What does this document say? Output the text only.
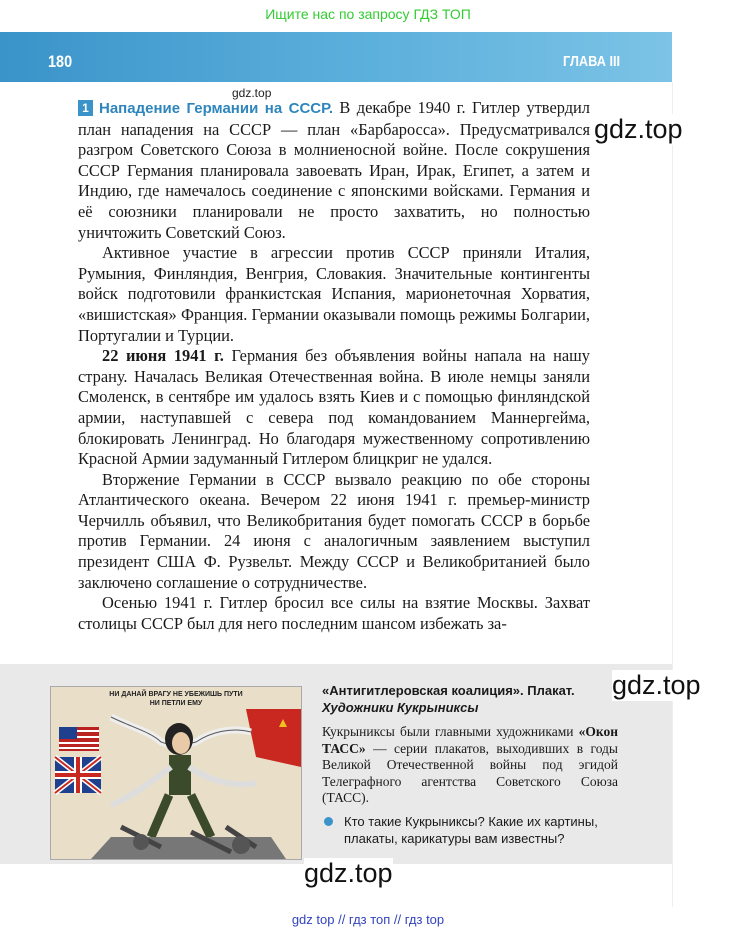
Ищите нас по запросу ГДЗ ТОП
180	ГЛАВА III
gdz.top

1 Нападение Германии на СССР. В декабре 1940 г. Гитлер утвердил план нападения на СССР — план «Барбаросса». Предусматривался разгром Советского Союза в молниеносной войне. После сокрушения СССР Германия планировала завоевать Иран, Ирак, Египет, а затем и Индию, где намечалось соединение с японскими войсками. Германия и её союзники планировали не просто захватить, но полностью уничтожить Советский Союз.

Активное участие в агрессии против СССР приняли Италия, Румыния, Финляндия, Венгрия, Словакия. Значительные контингенты войск подготовили франкистская Испания, марионеточная Хорватия, «вишистская» Франция. Германии оказывали помощь режимы Болгарии, Португалии и Турции.

22 июня 1941 г. Германия без объявления войны напала на нашу страну. Началась Великая Отечественная война. В июле немцы заняли Смоленск, в сентябре им удалось взять Киев и с помощью финляндской армии, наступавшей с севера под командованием Маннергейма, блокировать Ленинград. Но благодаря мужественному сопротивлению Красной Армии задуманный Гитлером блицкриг не удался.

Вторжение Германии в СССР вызвало реакцию по обе стороны Атлантического океана. Вечером 22 июня 1941 г. премьер-министр Черчилль объявил, что Великобритания будет помогать СССР в борьбе против Германии. 24 июня с аналогичным заявлением выступил президент США Ф. Рузвельт. Между СССР и Великобританией было заключено соглашение о сотрудничестве.

Осенью 1941 г. Гитлер бросил все силы на взятие Москвы. Захват столицы СССР был для него последним шансом избежать за-

gdz.top
НИ ДАНАЙ ВРАГУ НЕ УБЕЖИШЬ ПУТИ
НИ ПЕТЛИ ЕМУ
«Антигитлеровская коалиция». Плакат.
Художники Кукрыниксы
Кукрыниксы были главными художниками «Окон ТАСС» — серии плакатов, выходивших в годы Великой Отечественной войны под эгидой Телеграфного агентства Советского Союза (ТАСС).
Кто такие Кукрыниксы? Какие их картины, плакаты, карикатуры вам известны?
gdz.top
gdz.top
gdz top // гдз топ // гдз top
